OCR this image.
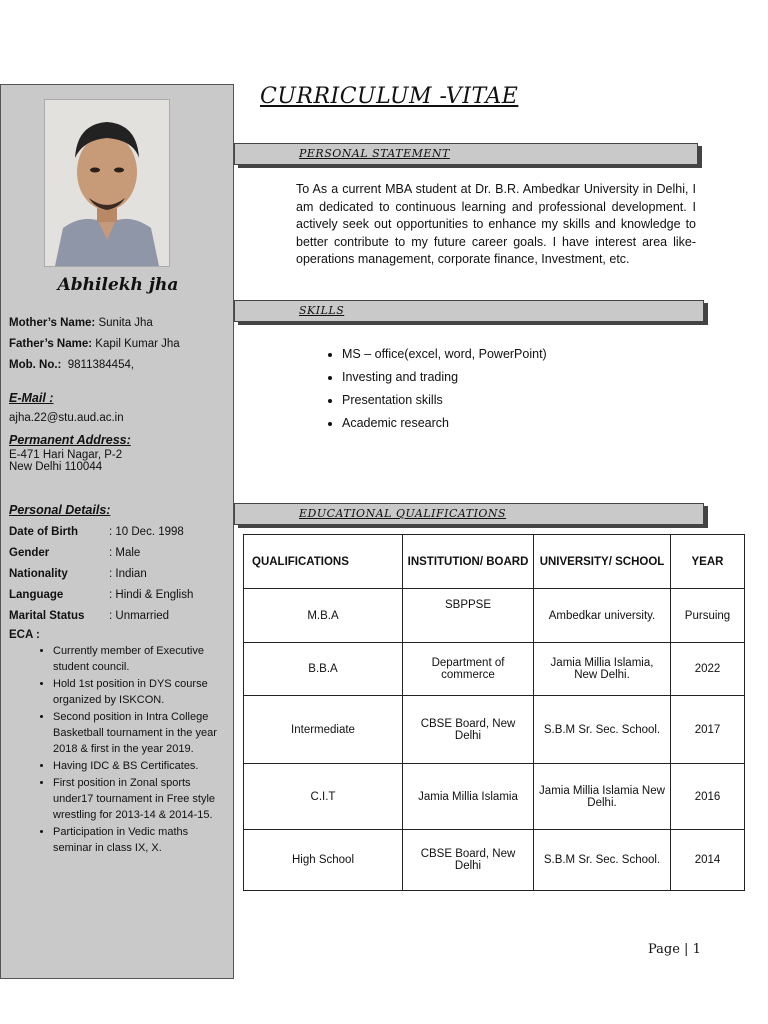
Abhilekh jha
Mother’s Name: Sunita Jha
Father’s Name: Kapil Kumar Jha
Mob. No.: 9811384454,
E-Mail :
ajha.22@stu.aud.ac.in
Permanent Address:
E-471 Hari Nagar, P-2
New Delhi 110044
Personal Details:
Date of Birth	: 10 Dec. 1998
Gender	: Male
Nationality	: Indian
Language	: Hindi & English
Marital Status	: Unmarried
ECA :
• Currently member of Executive student council.
• Hold 1st position in DYS course organized by ISKCON.
• Second position in Intra College Basketball tournament in the year 2018 & first in the year 2019.
• Having IDC & BS Certificates.
• First position in Zonal sports under17 tournament in Free style wrestling for 2013-14 & 2014-15.
• Participation in Vedic maths seminar in class IX, X.
CURRICULUM -VITAE
PERSONAL STATEMENT
To As a current MBA student at Dr. B.R. Ambedkar University in Delhi, I am dedicated to continuous learning and professional development. I actively seek out opportunities to enhance my skills and knowledge to better contribute to my future career goals. I have interest area like-operations management, corporate finance, Investment, etc.
SKILLS
• MS – office(excel, word, PowerPoint)
• Investing and trading
• Presentation skills
• Academic research
EDUCATIONAL QUALIFICATIONS
QUALIFICATIONS	INSTITUTION/ BOARD	UNIVERSITY/ SCHOOL	YEAR
M.B.A	SBPPSE	Ambedkar university.	Pursuing
B.B.A	Department of commerce	Jamia Millia Islamia, New Delhi.	2022
Intermediate	CBSE Board, New Delhi	S.B.M Sr. Sec. School.	2017
C.I.T	Jamia Millia Islamia	Jamia Millia Islamia New Delhi.	2016
High School	CBSE Board, New Delhi	S.B.M Sr. Sec. School.	2014
Page | 1
